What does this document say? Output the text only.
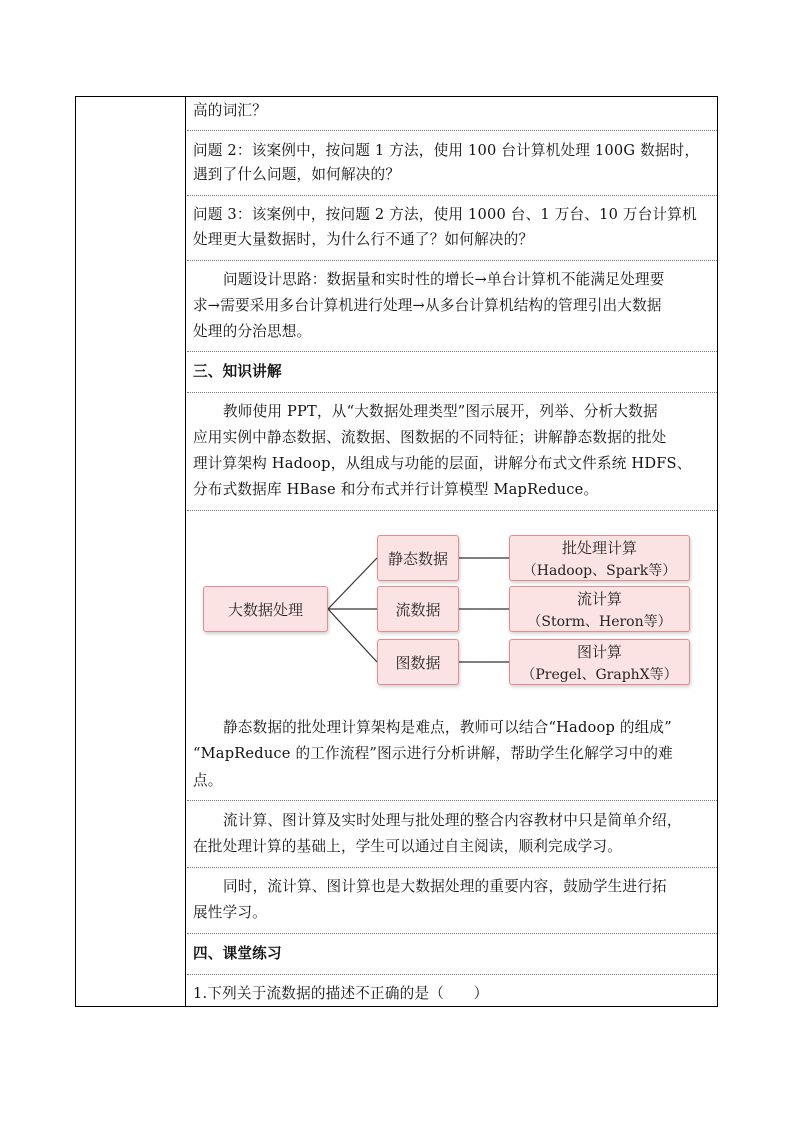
高的词汇？
问题 2：该案例中，按问题 1 方法，使用 100 台计算机处理 100G 数据时，
遇到了什么问题，如何解决的？
问题 3：该案例中，按问题 2 方法，使用 1000 台、1 万台、10 万台计算机
处理更大量数据时，为什么行不通了？如何解决的？
问题设计思路：数据量和实时性的增长→单台计算机不能满足处理要
求→需要采用多台计算机进行处理→从多台计算机结构的管理引出大数据
处理的分治思想。
三、知识讲解
教师使用 PPT，从“大数据处理类型”图示展开，列举、分析大数据
应用实例中静态数据、流数据、图数据的不同特征；讲解静态数据的批处
理计算架构 Hadoop，从组成与功能的层面，讲解分布式文件系统 HDFS、
分布式数据库 HBase 和分布式并行计算模型 MapReduce。
大数据处理
静态数据
流数据
图数据
批处理计算
（Hadoop、Spark等）
流计算
（Storm、Heron等）
图计算
（Pregel、GraphX等）
静态数据的批处理计算架构是难点，教师可以结合“Hadoop 的组成”
“MapReduce 的工作流程”图示进行分析讲解，帮助学生化解学习中的难
点。
流计算、图计算及实时处理与批处理的整合内容教材中只是简单介绍，
在批处理计算的基础上，学生可以通过自主阅读，顺利完成学习。
同时，流计算、图计算也是大数据处理的重要内容，鼓励学生进行拓
展性学习。
四、课堂练习
1.下列关于流数据的描述不正确的是（　　）
